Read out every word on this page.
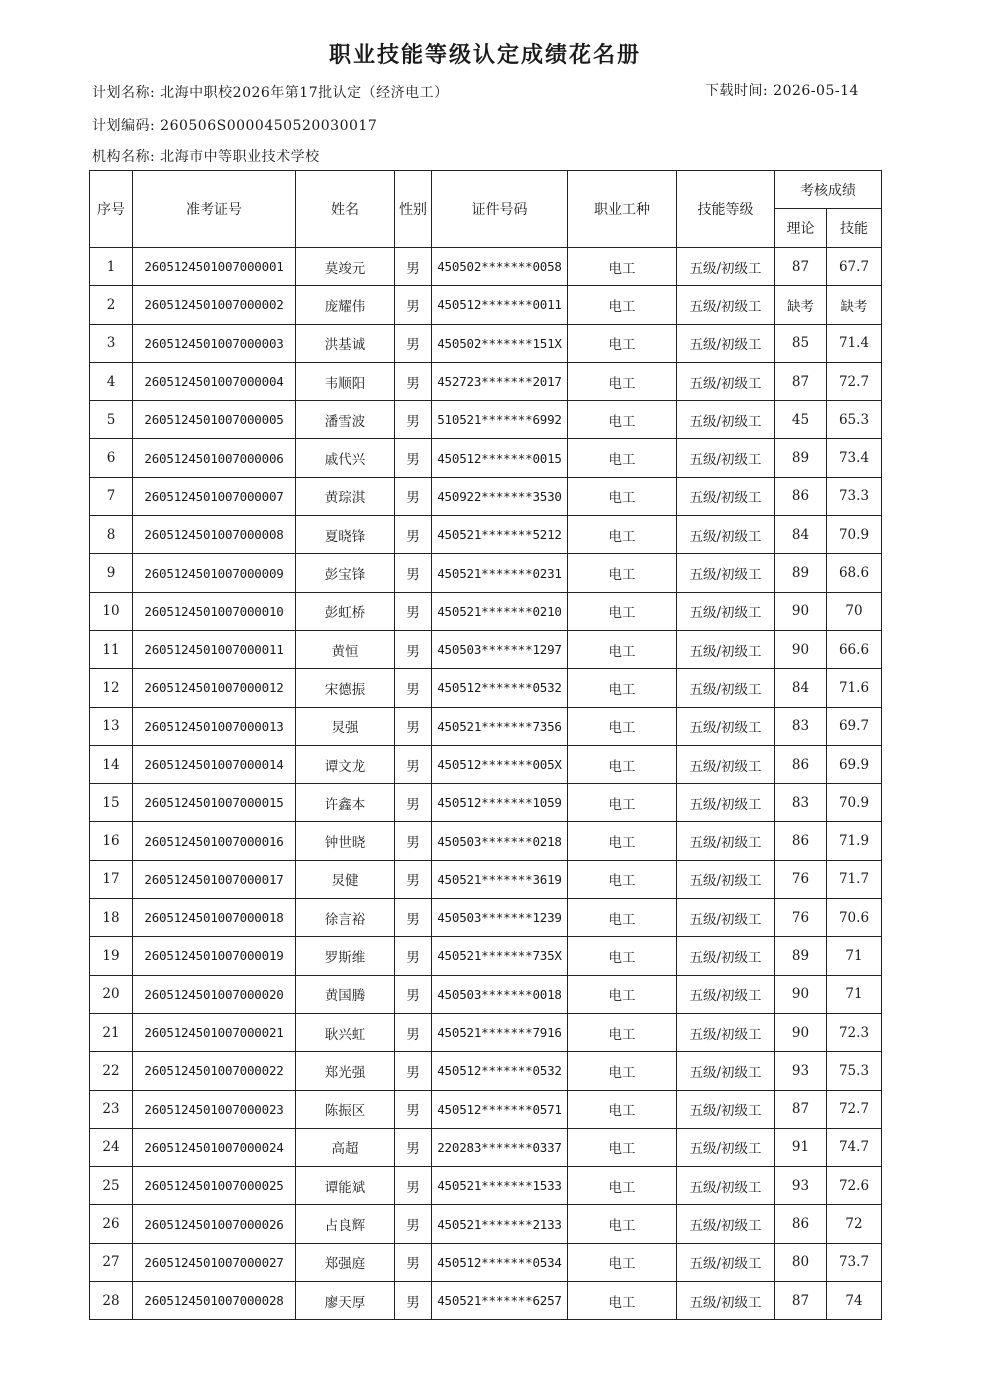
职业技能等级认定成绩花名册
计划名称: 北海中职校2026年第17批认定（经济电工）	下载时间: 2026-05-14
计划编码: 260506S0000450520030017
机构名称: 北海市中等职业技术学校
序号	准考证号	姓名	性别	证件号码	职业工种	技能等级	考核成绩	
							理论	技能
1	2605124501007000001	莫竣元	男	450502*******0058	电工	五级/初级工	87	67.7
2	2605124501007000002	庞耀伟	男	450512*******0011	电工	五级/初级工	缺考	缺考
3	2605124501007000003	洪基诚	男	450502*******151X	电工	五级/初级工	85	71.4
4	2605124501007000004	韦顺阳	男	452723*******2017	电工	五级/初级工	87	72.7
5	2605124501007000005	潘雪波	男	510521*******6992	电工	五级/初级工	45	65.3
6	2605124501007000006	戚代兴	男	450512*******0015	电工	五级/初级工	89	73.4
7	2605124501007000007	黄琮淇	男	450922*******3530	电工	五级/初级工	86	73.3
8	2605124501007000008	夏晓锋	男	450521*******5212	电工	五级/初级工	84	70.9
9	2605124501007000009	彭宝锋	男	450521*******0231	电工	五级/初级工	89	68.6
10	2605124501007000010	彭虹桥	男	450521*******0210	电工	五级/初级工	90	70
11	2605124501007000011	黄恒	男	450503*******1297	电工	五级/初级工	90	66.6
12	2605124501007000012	宋德振	男	450512*******0532	电工	五级/初级工	84	71.6
13	2605124501007000013	炅强	男	450521*******7356	电工	五级/初级工	83	69.7
14	2605124501007000014	谭文龙	男	450512*******005X	电工	五级/初级工	86	69.9
15	2605124501007000015	许鑫本	男	450512*******1059	电工	五级/初级工	83	70.9
16	2605124501007000016	钟世晓	男	450503*******0218	电工	五级/初级工	86	71.9
17	2605124501007000017	炅健	男	450521*******3619	电工	五级/初级工	76	71.7
18	2605124501007000018	徐言裕	男	450503*******1239	电工	五级/初级工	76	70.6
19	2605124501007000019	罗斯维	男	450521*******735X	电工	五级/初级工	89	71
20	2605124501007000020	黄国腾	男	450503*******0018	电工	五级/初级工	90	71
21	2605124501007000021	耿兴虹	男	450521*******7916	电工	五级/初级工	90	72.3
22	2605124501007000022	郑光强	男	450512*******0532	电工	五级/初级工	93	75.3
23	2605124501007000023	陈振区	男	450512*******0571	电工	五级/初级工	87	72.7
24	2605124501007000024	高超	男	220283*******0337	电工	五级/初级工	91	74.7
25	2605124501007000025	谭能斌	男	450521*******1533	电工	五级/初级工	93	72.6
26	2605124501007000026	占良辉	男	450521*******2133	电工	五级/初级工	86	72
27	2605124501007000027	郑强庭	男	450512*******0534	电工	五级/初级工	80	73.7
28	2605124501007000028	廖天厚	男	450521*******6257	电工	五级/初级工	87	74
